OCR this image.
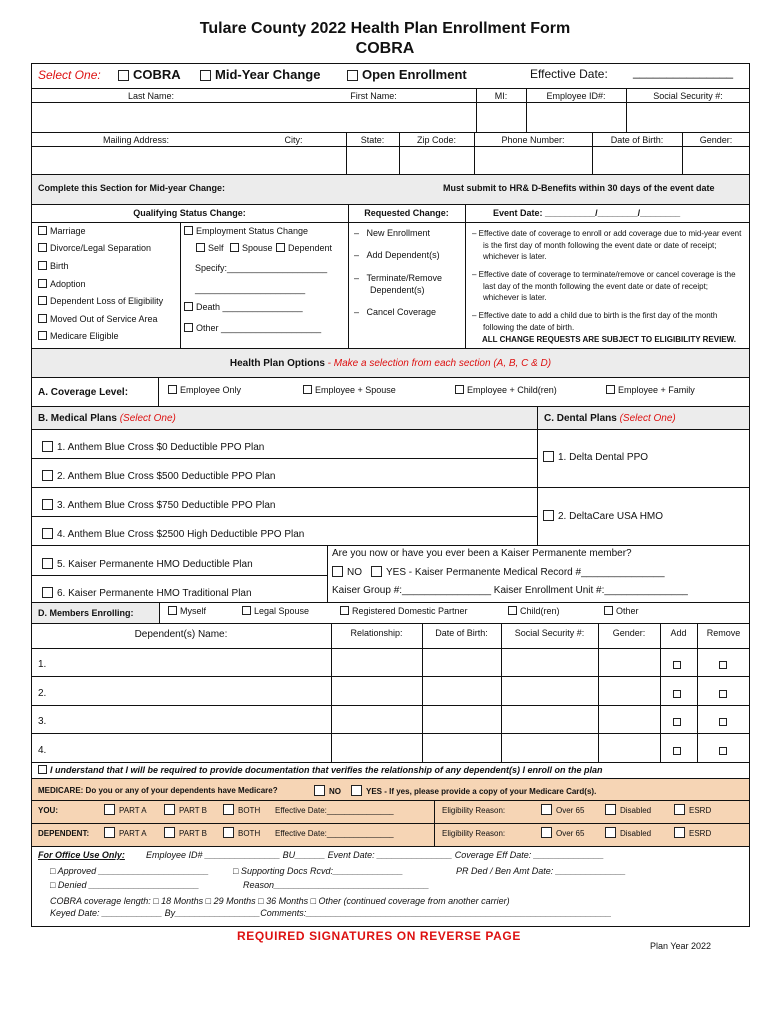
Tulare County 2022 Health Plan Enrollment Form
COBRA
Select One:	COBRA	Mid-Year Change	Open Enrollment	Effective Date: _______________
Last Name:	First Name:	MI:	Employee ID#:	Social Security #:
Mailing Address:	City:	State:	Zip Code:	Phone Number:	Date of Birth:	Gender:
Complete this Section for Mid-year Change:	Must submit to HR& D-Benefits within 30 days of the event date
Qualifying Status Change:	Requested Change:	Event Date: __________/________/________
Marriage
Divorce/Legal Separation
Birth
Adoption
Dependent Loss of Eligibility
Moved Out of Service Area
Medicare Eligible
Employment Status Change
Self	Spouse	Dependent
Specify:____________________
______________________
Death ________________
Other ____________________
–   New Enrollment
–   Add Dependent(s)
–   Terminate/Remove Dependent(s)
–   Cancel Coverage
– Effective date of coverage to enroll or add coverage due to mid-year event is the first day of month following the event date or date of receipt; whichever is later.
– Effective date of coverage to terminate/remove or cancel coverage is the last day of the month following the event date or date of receipt; whichever is later.
– Effective date to add a child due to birth is the first day of the month following the date of birth.
ALL CHANGE REQUESTS ARE SUBJECT TO ELIGIBILITY REVIEW.
Health Plan Options - Make a selection from each section (A, B, C & D)
A. Coverage Level:	Employee Only	Employee + Spouse	Employee + Child(ren)	Employee + Family
B. Medical Plans (Select One)	C. Dental Plans (Select One)
1. Anthem Blue Cross $0 Deductible PPO Plan
2. Anthem Blue Cross $500 Deductible PPO Plan
3. Anthem Blue Cross $750 Deductible PPO Plan
4. Anthem Blue Cross $2500 High Deductible PPO Plan
5. Kaiser Permanente HMO Deductible Plan
6. Kaiser Permanente HMO Traditional Plan
1. Delta Dental PPO
2. DeltaCare USA HMO
Are you now or have you ever been a Kaiser Permanente member?
NO	YES - Kaiser Permanente Medical Record #_______________
Kaiser Group #:________________ Kaiser Enrollment Unit #:_______________
D. Members Enrolling:	Myself	Legal Spouse	Registered Domestic Partner	Child(ren)	Other
Dependent(s) Name:	Relationship:	Date of Birth:	Social Security #:	Gender:	Add	Remove
1.
2.
3.
4.
I understand that I will be required to provide documentation that verifies the relationship of any dependent(s) I enroll on the plan
MEDICARE: Do you or any of your dependents have Medicare?	NO	YES - If yes, please provide a copy of your Medicare Card(s).
YOU:	PART A	PART B	BOTH Effective Date:_______________	Eligibility Reason:	Over 65	Disabled	ESRD
DEPENDENT:	PART A	PART B	BOTH Effective Date:_______________	Eligibility Reason:	Over 65	Disabled	ESRD
For Office Use Only: Employee ID# _______________ BU______ Event Date: _______________ Coverage Eff Date: ______________
□ Approved ______________________	□ Supporting Docs Rcvd:______________	PR Ded / Ben Amt Date: ______________
□ Denied ______________________	Reason_______________________________
COBRA coverage length: □ 18 Months □ 29 Months □ 36 Months □ Other (continued coverage from another carrier)
Keyed Date: ____________ By_________________Comments:_____________________________________________________________
REQUIRED SIGNATURES ON REVERSE PAGE
Plan Year 2022
